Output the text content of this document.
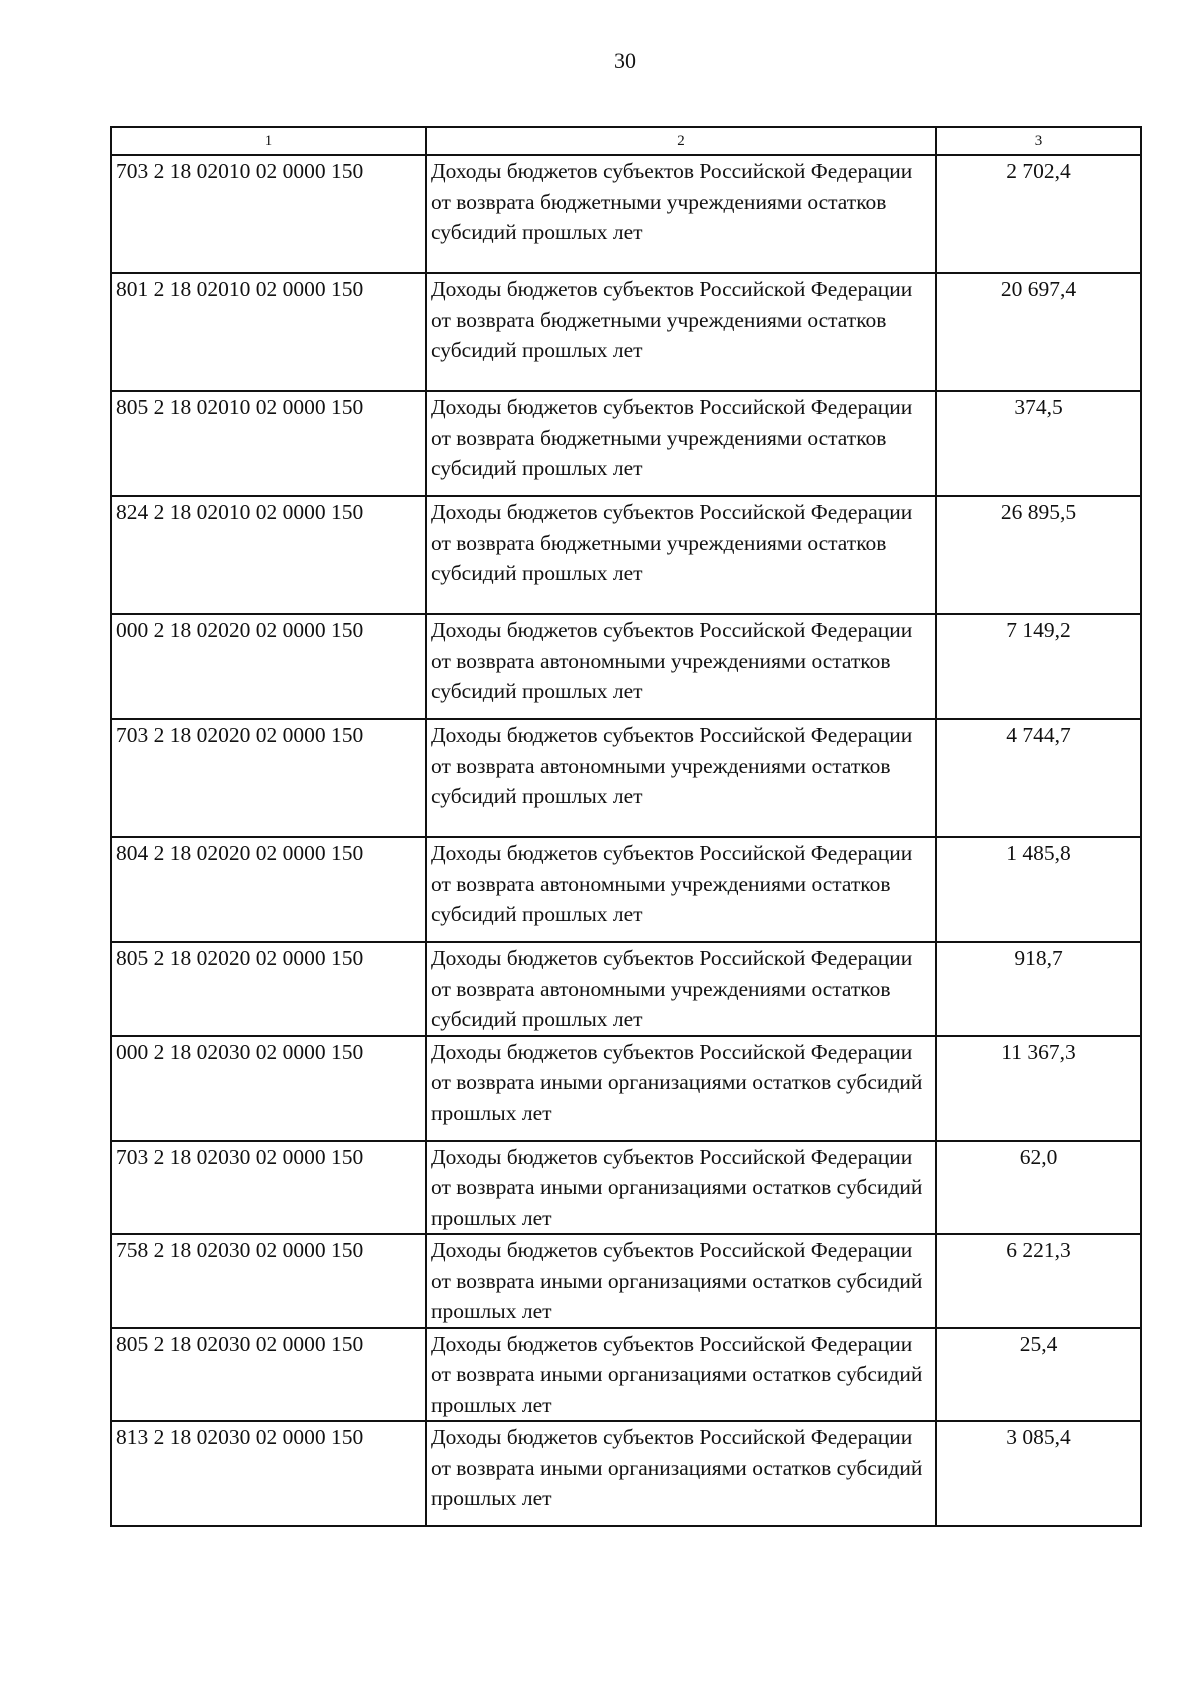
30
1	2	3
703 2 18 02010 02 0000 150	Доходы бюджетов субъектов Российской Федерации от возврата бюджетными учреждениями остатков субсидий прошлых лет	2 702,4
801 2 18 02010 02 0000 150	Доходы бюджетов субъектов Российской Федерации от возврата бюджетными учреждениями остатков субсидий прошлых лет	20 697,4
805 2 18 02010 02 0000 150	Доходы бюджетов субъектов Российской Федерации от возврата бюджетными учреждениями остатков субсидий прошлых лет	374,5
824 2 18 02010 02 0000 150	Доходы бюджетов субъектов Российской Федерации от возврата бюджетными учреждениями остатков субсидий прошлых лет	26 895,5
000 2 18 02020 02 0000 150	Доходы бюджетов субъектов Российской Федерации от возврата автономными учреждениями остатков субсидий прошлых лет	7 149,2
703 2 18 02020 02 0000 150	Доходы бюджетов субъектов Российской Федерации от возврата автономными учреждениями остатков субсидий прошлых лет	4 744,7
804 2 18 02020 02 0000 150	Доходы бюджетов субъектов Российской Федерации от возврата автономными учреждениями остатков субсидий прошлых лет	1 485,8
805 2 18 02020 02 0000 150	Доходы бюджетов субъектов Российской Федерации от возврата автономными учреждениями остатков субсидий прошлых лет	918,7
000 2 18 02030 02 0000 150	Доходы бюджетов субъектов Российской Федерации от возврата иными организациями остатков субсидий прошлых лет	11 367,3
703 2 18 02030 02 0000 150	Доходы бюджетов субъектов Российской Федерации от возврата иными организациями остатков субсидий прошлых лет	62,0
758 2 18 02030 02 0000 150	Доходы бюджетов субъектов Российской Федерации от возврата иными организациями остатков субсидий прошлых лет	6 221,3
805 2 18 02030 02 0000 150	Доходы бюджетов субъектов Российской Федерации от возврата иными организациями остатков субсидий прошлых лет	25,4
813 2 18 02030 02 0000 150	Доходы бюджетов субъектов Российской Федерации от возврата иными организациями остатков субсидий прошлых лет	3 085,4
